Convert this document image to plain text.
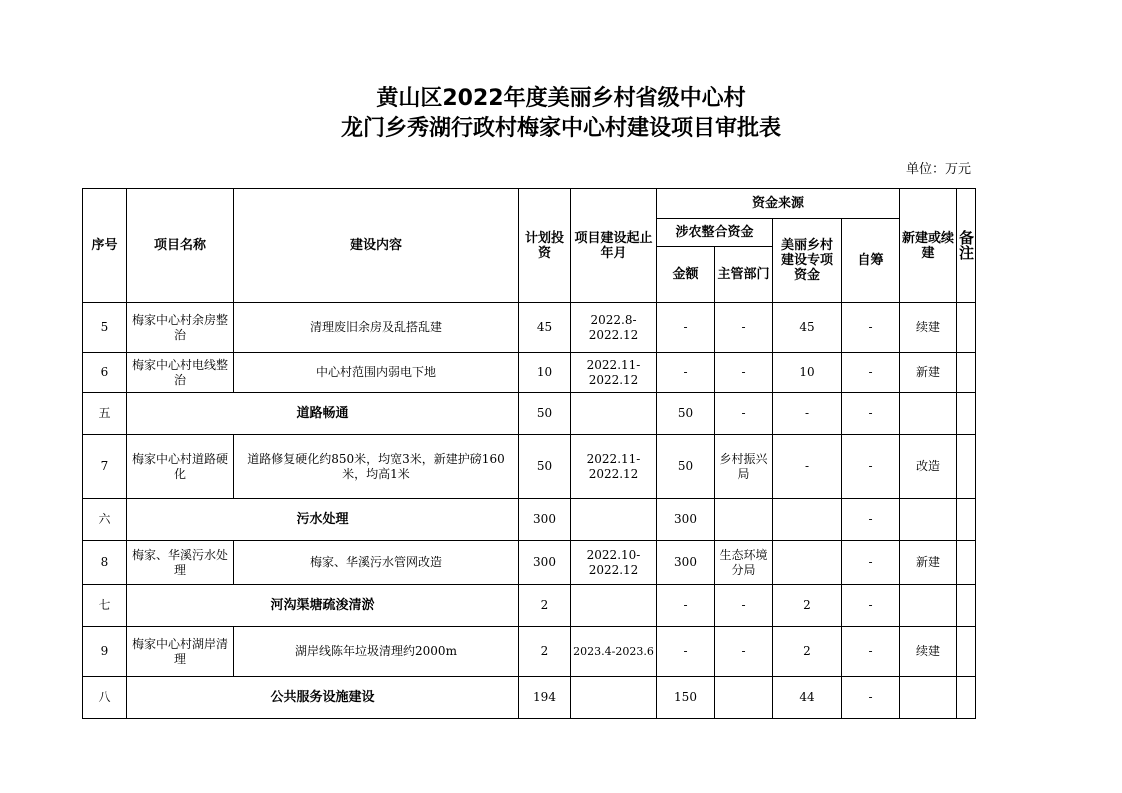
黄山区2022年度美丽乡村省级中心村
龙门乡秀湖行政村梅家中心村建设项目审批表
单位：万元
序号	项目名称	建设内容	计划投资	项目建设起止年月	资金来源				新建或续建	备注
					涉农整合资金		美丽乡村建设专项资金	自筹		
					金额	主管部门				
5	梅家中心村余房整治	清理废旧余房及乱搭乱建	45	2022.8-2022.12	-	-	45	-	续建	
6	梅家中心村电线整治	中心村范围内弱电下地	10	2022.11-2022.12	-	-	10	-	新建	
五	道路畅通		50		50	-	-	-		
7	梅家中心村道路硬化	道路修复硬化约850米，均宽3米，新建护磅160米，均高1米	50	2022.11-2022.12	50	乡村振兴局	-	-	改造	
六	污水处理		300		300			-		
8	梅家、华溪污水处理	梅家、华溪污水管网改造	300	2022.10-2022.12	300	生态环境分局		-	新建	
七	河沟渠塘疏浚清淤		2		-	-	2	-		
9	梅家中心村湖岸清理	湖岸线陈年垃圾清理约2000m	2	2023.4-2023.6	-	-	2	-	续建	
八	公共服务设施建设		194		150		44	-		
